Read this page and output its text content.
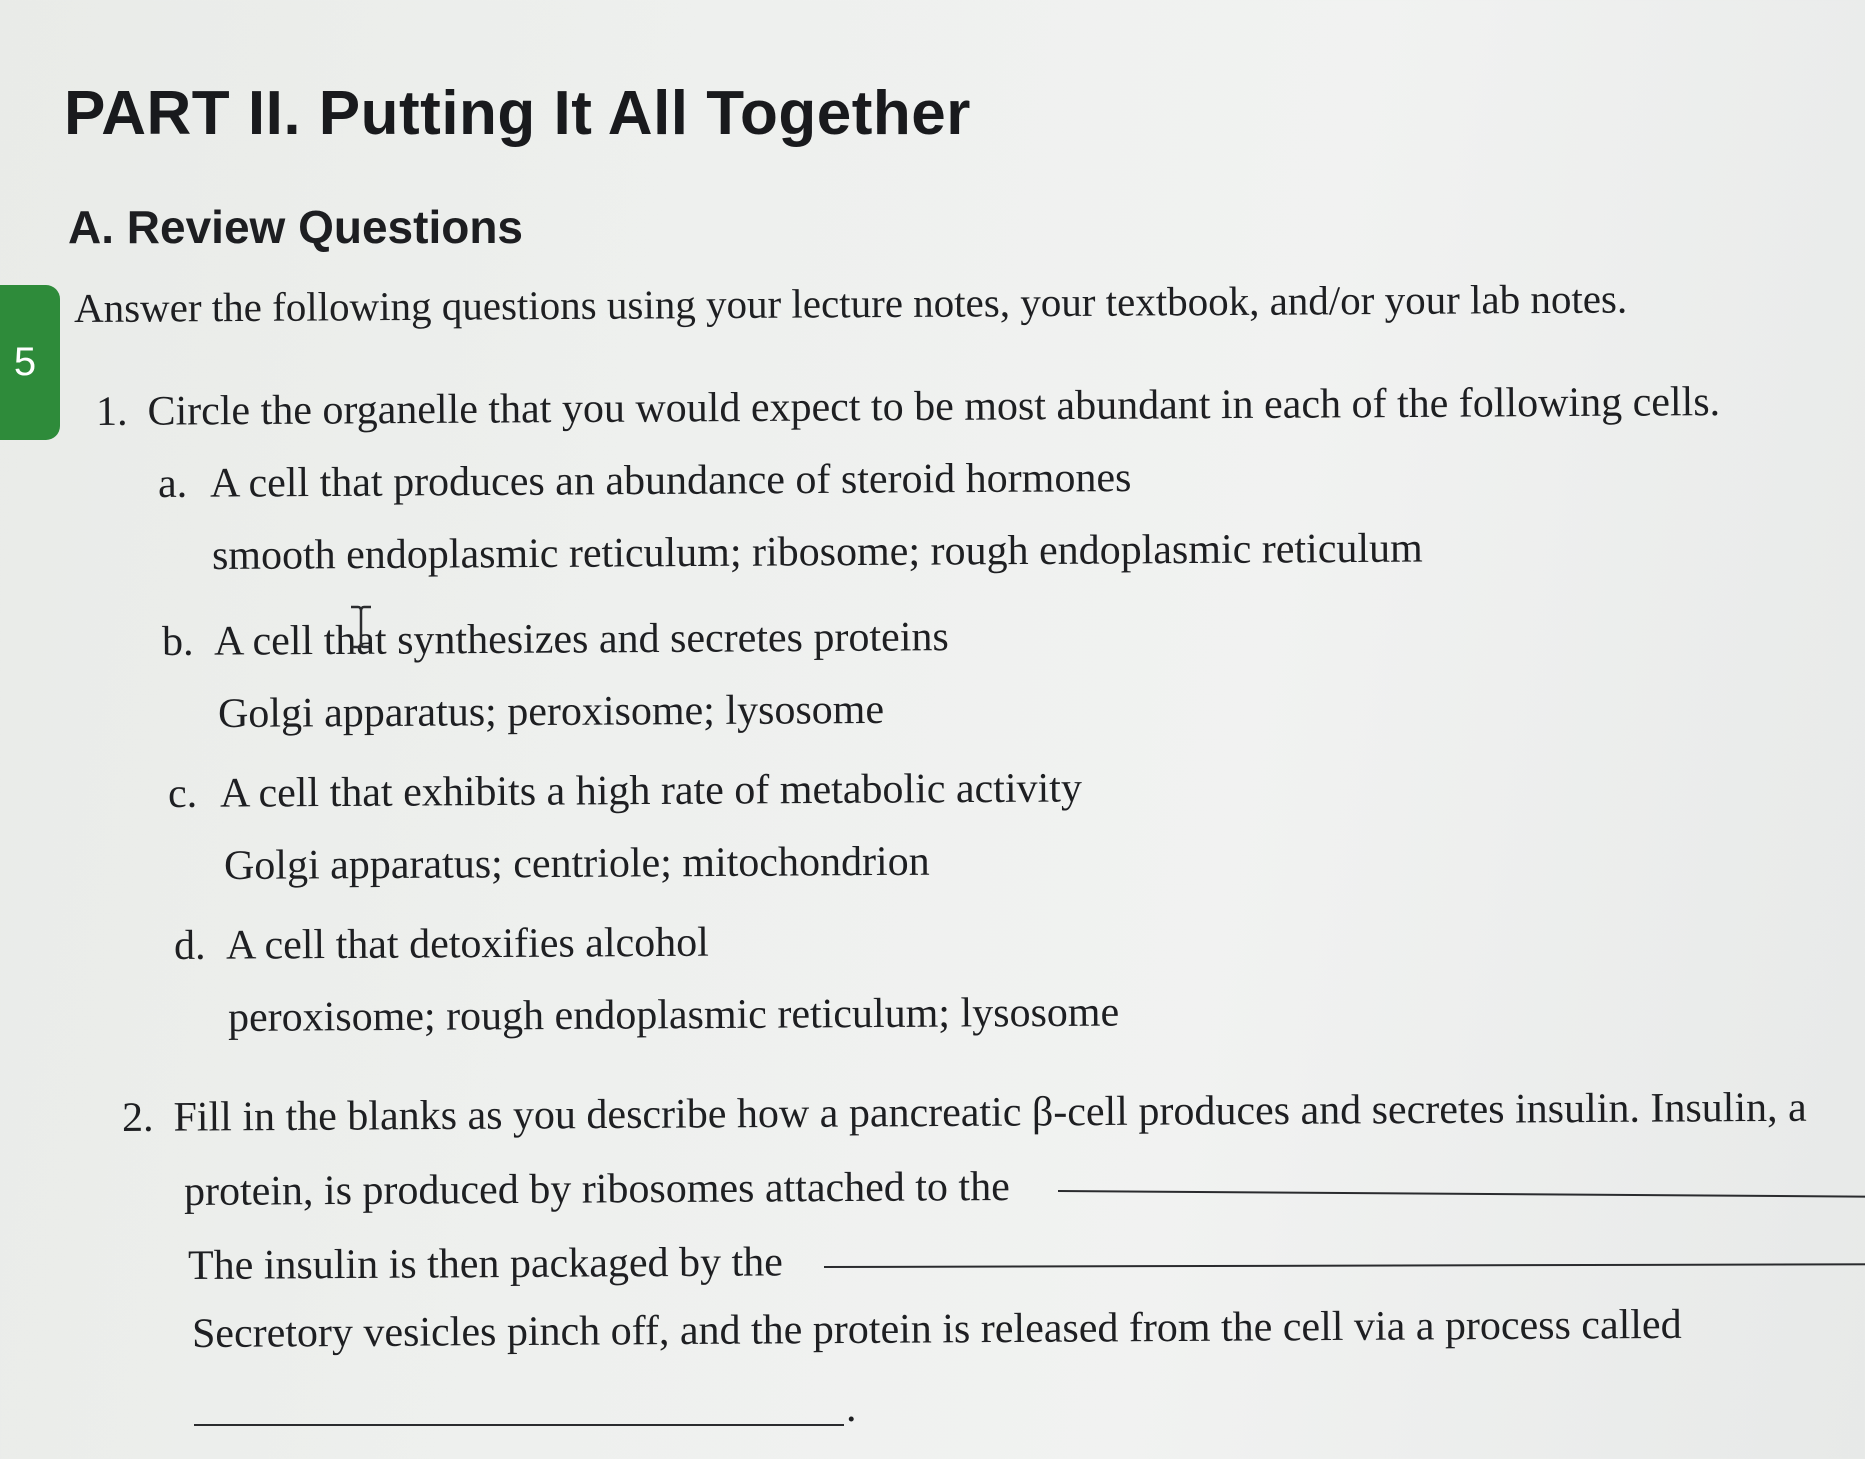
PART II. Putting It All Together
A. Review Questions
5
Answer the following questions using your lecture notes, your textbook, and/or your lab notes.
1. Circle the organelle that you would expect to be most abundant in each of the following cells.
a. A cell that produces an abundance of steroid hormones
smooth endoplasmic reticulum; ribosome; rough endoplasmic reticulum
b. A cell that synthesizes and secretes proteins
Golgi apparatus; peroxisome; lysosome
c. A cell that exhibits a high rate of metabolic activity
Golgi apparatus; centriole; mitochondrion
d. A cell that detoxifies alcohol
peroxisome; rough endoplasmic reticulum; lysosome
2. Fill in the blanks as you describe how a pancreatic β-cell produces and secretes insulin. Insulin, a
protein, is produced by ribosomes attached to the
The insulin is then packaged by the
Secretory vesicles pinch off, and the protein is released from the cell via a process called
.
